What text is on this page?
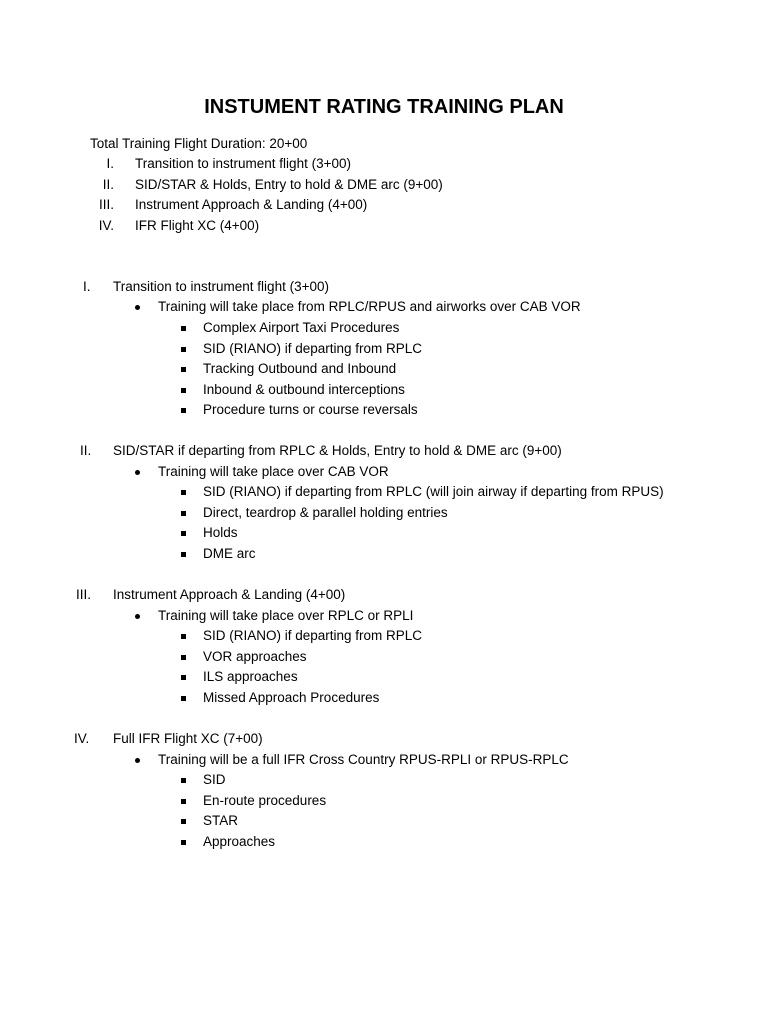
INSTUMENT RATING TRAINING PLAN
Total Training Flight Duration: 20+00
I. Transition to instrument flight (3+00)
II. SID/STAR & Holds, Entry to hold & DME arc (9+00)
III. Instrument Approach & Landing (4+00)
IV. IFR Flight XC (4+00)
I. Transition to instrument flight (3+00)
Training will take place from RPLC/RPUS and airworks over CAB VOR
Complex Airport Taxi Procedures
SID (RIANO) if departing from RPLC
Tracking Outbound and Inbound
Inbound & outbound interceptions
Procedure turns or course reversals
II. SID/STAR if departing from RPLC & Holds, Entry to hold & DME arc (9+00)
Training will take place over CAB VOR
SID (RIANO) if departing from RPLC (will join airway if departing from RPUS)
Direct, teardrop & parallel holding entries
Holds
DME arc
III. Instrument Approach & Landing (4+00)
Training will take place over RPLC or RPLI
SID (RIANO) if departing from RPLC
VOR approaches
ILS approaches
Missed Approach Procedures
IV. Full IFR Flight XC (7+00)
Training will be a full IFR Cross Country RPUS-RPLI or RPUS-RPLC
SID
En-route procedures
STAR
Approaches
